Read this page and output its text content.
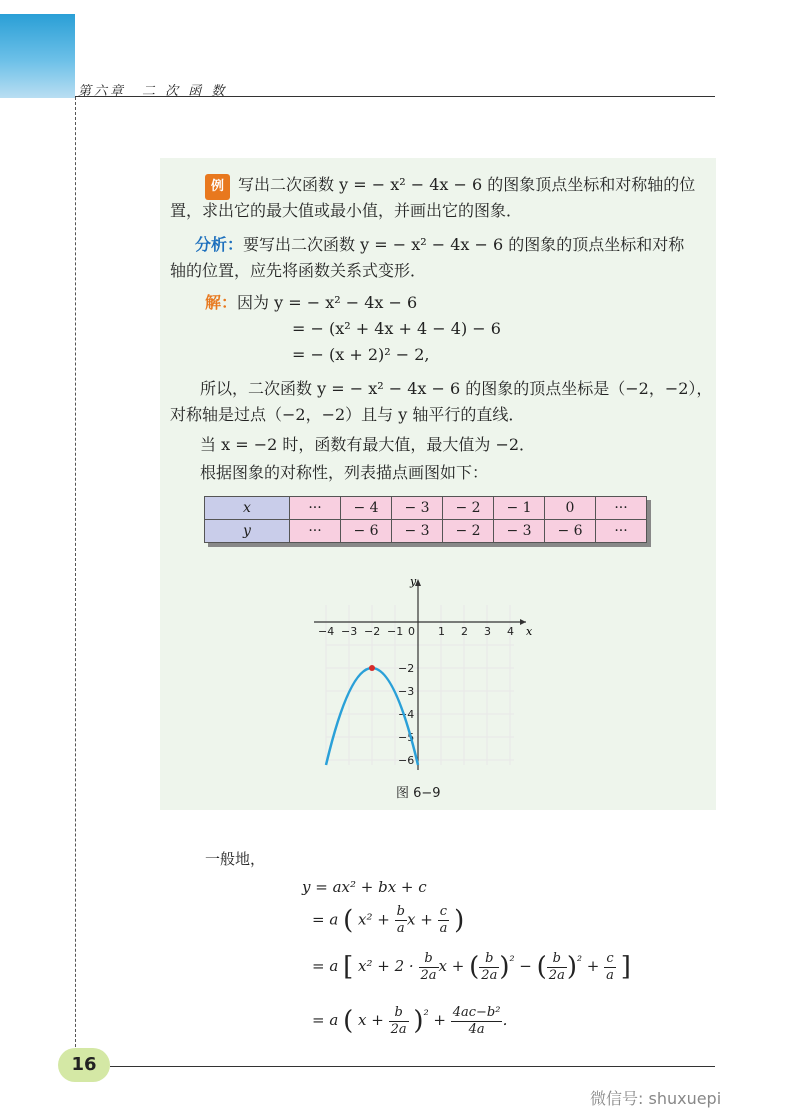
第六章　二 次 函 数
例 写出二次函数 y = − x² − 4x − 6 的图象顶点坐标和对称轴的位
置，求出它的最大值或最小值，并画出它的图象．
分析：要写出二次函数 y = − x² − 4x − 6 的图象的顶点坐标和对称
轴的位置，应先将函数关系式变形．
解：因为 y = − x² − 4x − 6
= − (x² + 4x + 4 − 4) − 6
= − (x + 2)² − 2,
所以，二次函数 y = − x² − 4x − 6 的图象的顶点坐标是（−2，−2），
对称轴是过点（−2，−2）且与 y 轴平行的直线．
当 x = −2 时，函数有最大值，最大值为 −2．
根据图象的对称性，列表描点画图如下：
x	···	− 4	− 3	− 2	− 1	0	···
y	···	− 6	− 3	− 2	− 3	− 6	···
y
x
−4 −3 −2 −1 0 1 2 3 4
−2
−3
−4
−5
−6
图 6−9
一般地，
y = ax² + bx + c
= a ( $x^2 + \frac{b}{a}$ $x + \frac{c}{a}$ )
= a [ $x^2 + 2 \cdot \frac{b}{2a}$ x + ( $\frac{b}{2a} )^{^2}$ − ( $\frac{b}{2a} )^{^2} + \frac{c}{a}$ ]
= a ( $x + \frac{b}{2a} )^{^2} + \frac{\text{4ac−b²}}{4a}$ ．
16
微信号: shuxuepi
